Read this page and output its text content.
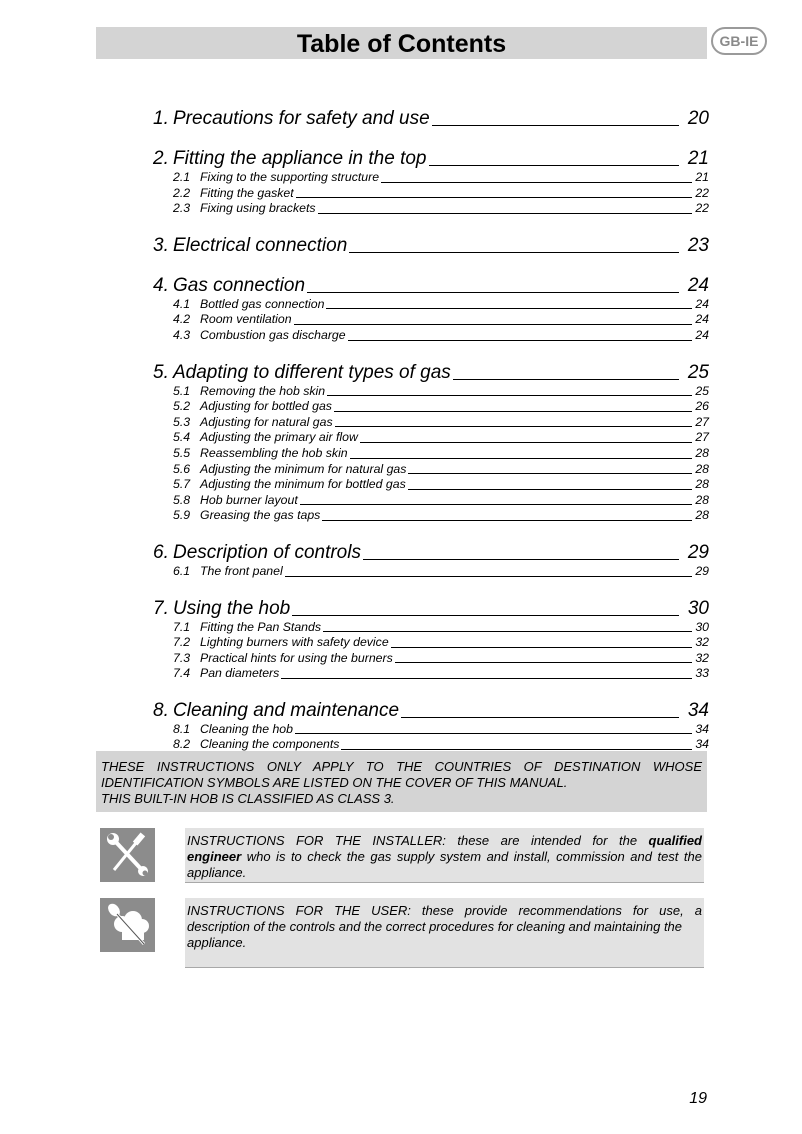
Table of Contents	GB-IE
1. Precautions for safety and use	20
2. Fitting the appliance in the top	21
2.1 Fixing to the supporting structure	21
2.2 Fitting the gasket	22
2.3 Fixing using brackets	22
3. Electrical connection	23
4. Gas connection	24
4.1 Bottled gas connection	24
4.2 Room ventilation	24
4.3 Combustion gas discharge	24
5. Adapting to different types of gas	25
5.1 Removing the hob skin	25
5.2 Adjusting for bottled gas	26
5.3 Adjusting for natural gas	27
5.4 Adjusting the primary air flow	27
5.5 Reassembling the hob skin	28
5.6 Adjusting the minimum for natural gas	28
5.7 Adjusting the minimum for bottled gas	28
5.8 Hob burner layout	28
5.9 Greasing the gas taps	28
6. Description of controls	29
6.1 The front panel	29
7. Using the hob	30
7.1 Fitting the Pan Stands	30
7.2 Lighting burners with safety device	32
7.3 Practical hints for using the burners	32
7.4 Pan diameters	33
8. Cleaning and maintenance	34
8.1 Cleaning the hob	34
8.2 Cleaning the components	34
THESE INSTRUCTIONS ONLY APPLY TO THE COUNTRIES OF DESTINATION WHOSE
IDENTIFICATION SYMBOLS ARE LISTED ON THE COVER OF THIS MANUAL.
THIS BUILT-IN HOB IS CLASSIFIED AS CLASS 3.
INSTRUCTIONS FOR THE INSTALLER: these are intended for the qualified
engineer who is to check the gas supply system and install, commission and test the
appliance.
INSTRUCTIONS FOR THE USER: these provide recommendations for use, a
description of the controls and the correct procedures for cleaning and maintaining the
appliance.
19
